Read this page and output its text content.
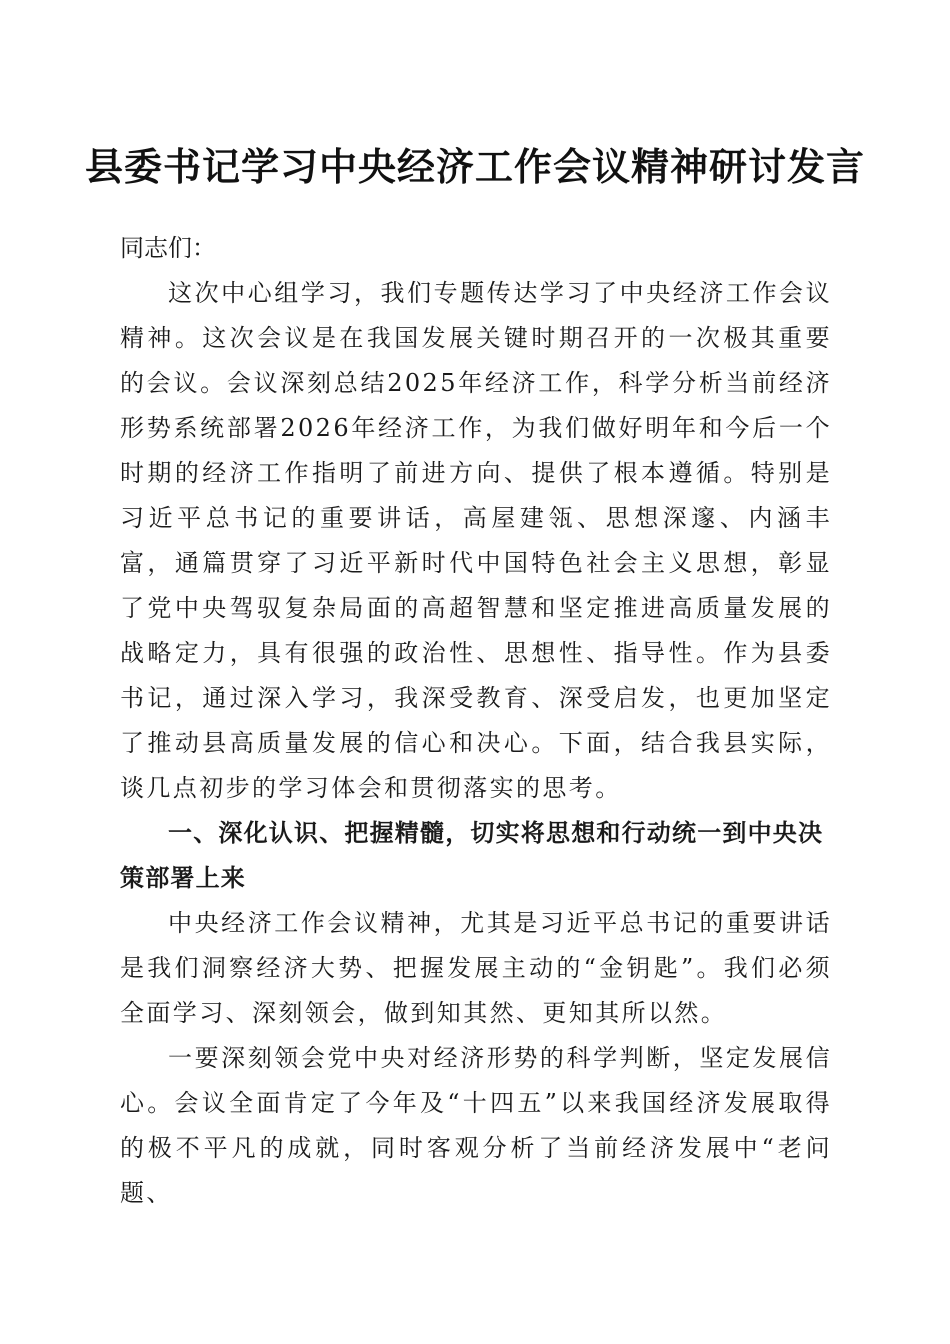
县委书记学习中央经济工作会议精神研讨发言

同志们：

这次中心组学习，我们专题传达学习了中央经济工作会议精神。这次会议是在我国发展关键时期召开的一次极其重要的会议。会议深刻总结2025年经济工作，科学分析当前经济形势系统部署2026年经济工作，为我们做好明年和今后一个时期的经济工作指明了前进方向、提供了根本遵循。特别是习近平总书记的重要讲话，高屋建瓴、思想深邃、内涵丰富，通篇贯穿了习近平新时代中国特色社会主义思想，彰显了党中央驾驭复杂局面的高超智慧和坚定推进高质量发展的战略定力，具有很强的政治性、思想性、指导性。作为县委书记，通过深入学习，我深受教育、深受启发，也更加坚定了推动县高质量发展的信心和决心。下面，结合我县实际，谈几点初步的学习体会和贯彻落实的思考。

一、深化认识、把握精髓，切实将思想和行动统一到中央决策部署上来

中央经济工作会议精神，尤其是习近平总书记的重要讲话是我们洞察经济大势、把握发展主动的“金钥匙”。我们必须全面学习、深刻领会，做到知其然、更知其所以然。

一要深刻领会党中央对经济形势的科学判断，坚定发展信心。会议全面肯定了今年及“十四五”以来我国经济发展取得的极不平凡的成就，同时客观分析了当前经济发展中“老问题、
